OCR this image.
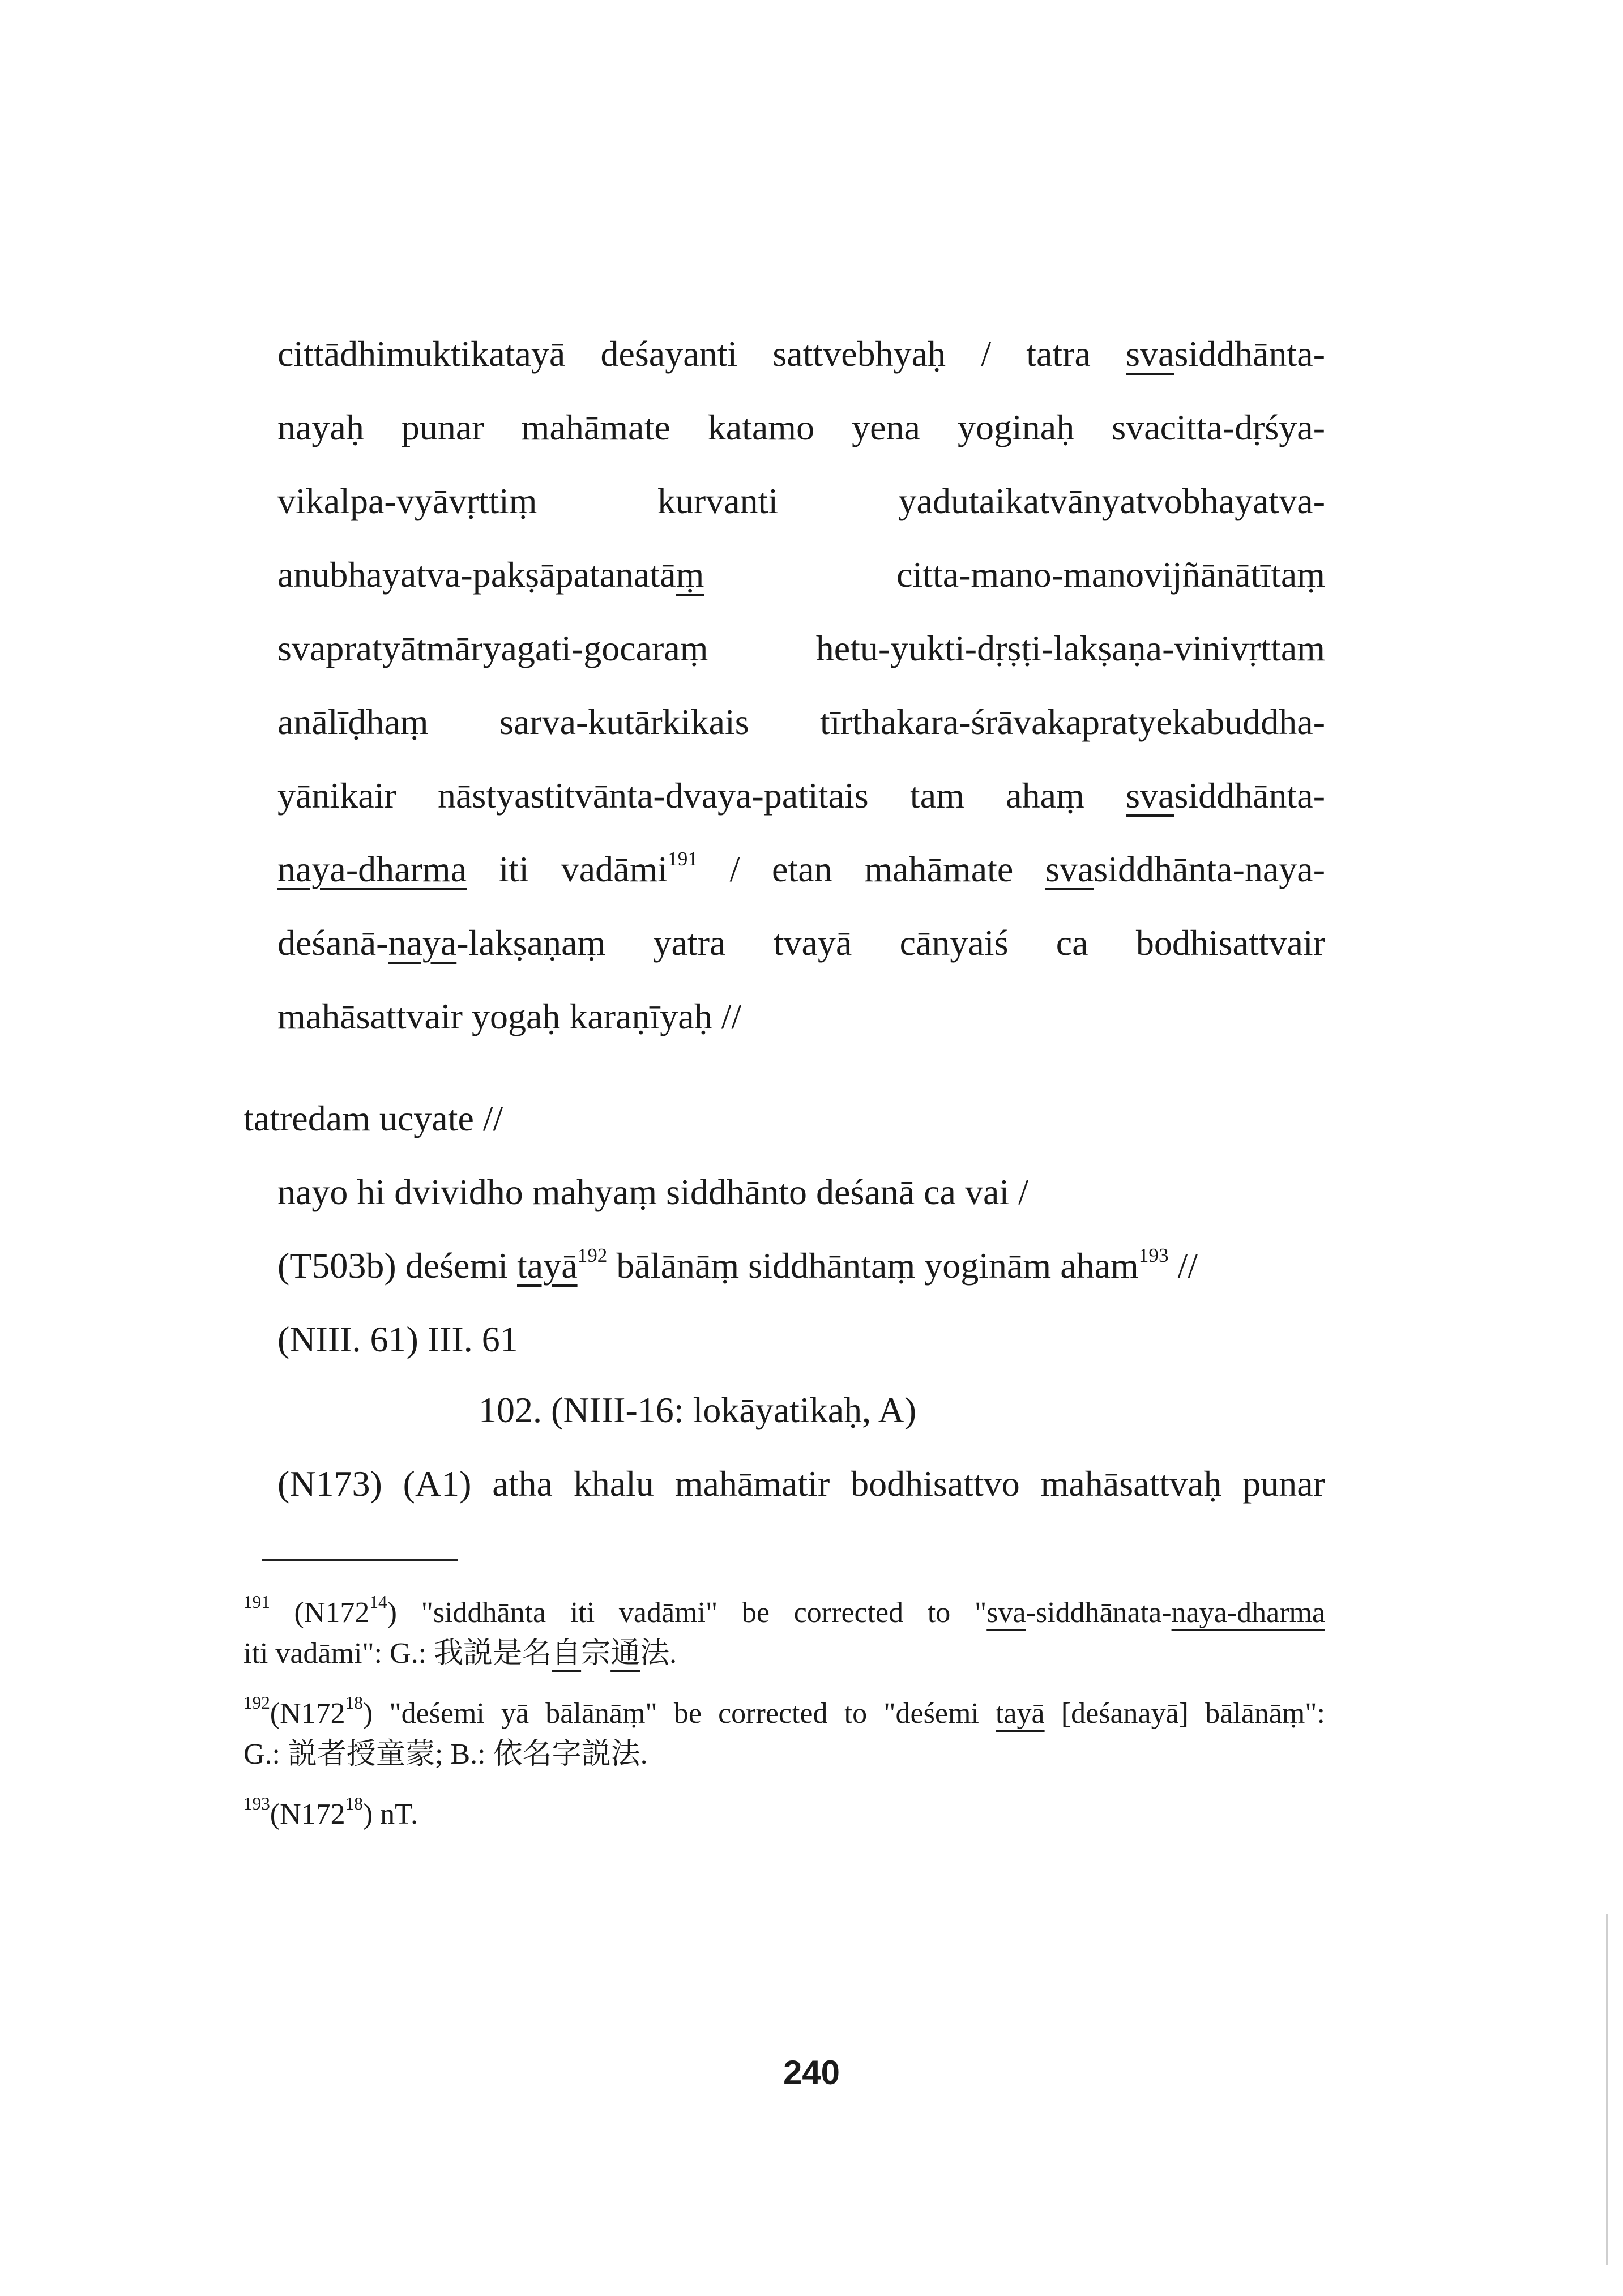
cittādhimuktikatayā deśayanti sattvebhyaḥ / tatra svasiddhānta-
nayaḥ punar mahāmate katamo yena yoginaḥ svacitta-dṛśya-
vikalpa-vyāvṛttiṃ kurvanti yadutaikatvānyatvobhayatva-
anubhayatva-pakṣāpatanatāṃ citta-mano-manovijñānātītaṃ
svapratyātmāryagati-gocaraṃ hetu-yukti-dṛṣṭi-lakṣaṇa-vinivṛttam
anālīḍhaṃ sarva-kutārkikais tīrthakara-śrāvakapratyekabuddha-
yānikair nāstyastitvānta-dvaya-patitais tam ahaṃ svasiddhānta-
naya-dharma iti vadāmi$^{191}$ / etan mahāmate svasiddhānta-naya-
deśanā-naya-lakṣaṇaṃ yatra tvayā cānyaiś ca bodhisattvair
mahāsattvair yogaḥ karaṇīyaḥ //
tatredam ucyate //
nayo hi dvividho mahyaṃ siddhānto deśanā ca vai /
(T503b) deśemi tayā$^{192}$ bālānāṃ siddhāntaṃ yoginām aham$^{193}$ //
(NIII. 61) III. 61
102. (NIII-16: lokāyatikaḥ, A)
(N173) (A1) atha khalu mahāmatir bodhisattvo mahāsattvaḥ punar
$^{191}$ $(N172^{14})$ "siddhānta iti vadāmi" be corrected to "sva-siddhānata-naya-dharma
iti vadāmi": G.: 我説是名自宗通法.
$^{192}(N172^{18})$ "deśemi yā bālānāṃ" be corrected to "deśemi tayā [deśanayā] bālānāṃ":
G.: 説者授童蒙; B.: 依名字説法.
$^{193}(N172^{18})$ nT.
240
